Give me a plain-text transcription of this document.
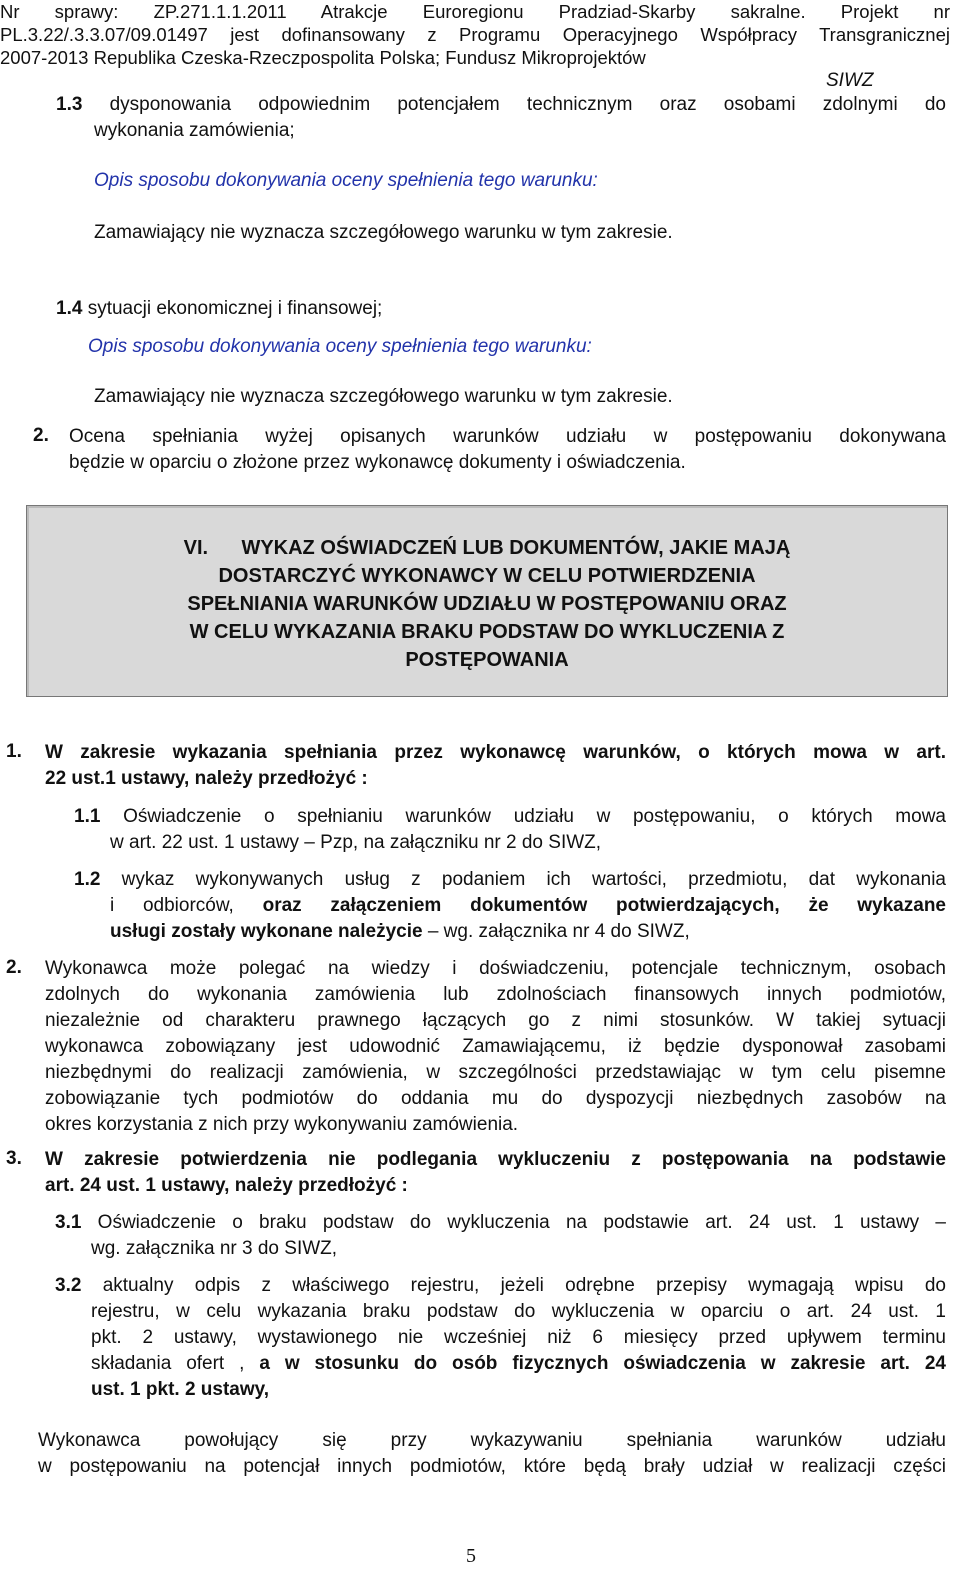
Nr sprawy: ZP.271.1.1.2011 Atrakcje Euroregionu Pradziad-Skarby sakralne. Projekt nr
PL.3.22/.3.3.07/09.01497 jest dofinansowany z Programu Operacyjnego Współpracy Transgranicznej
2007-2013 Republika Czeska-Rzeczpospolita Polska; Fundusz Mikroprojektów
SIWZ
1.3 dysponowania odpowiednim potencjałem technicznym oraz osobami zdolnymi do
wykonania zamówienia;
Opis sposobu dokonywania oceny spełnienia tego warunku:
Zamawiający nie wyznacza szczegółowego warunku w tym zakresie.
1.4 sytuacji ekonomicznej i finansowej;
Opis sposobu dokonywania oceny spełnienia tego warunku:
Zamawiający nie wyznacza szczegółowego warunku w tym zakresie.
2. Ocena spełniania wyżej opisanych warunków udziału w postępowaniu dokonywana
będzie w oparciu o złożone przez wykonawcę dokumenty i oświadczenia.
VI.      WYKAZ OŚWIADCZEŃ LUB DOKUMENTÓW, JAKIE MAJĄ
DOSTARCZYĆ WYKONAWCY W CELU POTWIERDZENIA
SPEŁNIANIA WARUNKÓW UDZIAŁU W POSTĘPOWANIU ORAZ
W CELU WYKAZANIA BRAKU PODSTAW DO WYKLUCZENIA Z
POSTĘPOWANIA
1. W zakresie wykazania spełniania przez wykonawcę warunków, o których mowa w art.
22 ust.1 ustawy, należy przedłożyć :
1.1 Oświadczenie o spełnianiu warunków udziału w postępowaniu, o których mowa
w art. 22 ust. 1 ustawy – Pzp, na załączniku nr 2 do SIWZ,
1.2 wykaz wykonywanych usług z podaniem ich wartości, przedmiotu, dat wykonania
i odbiorców, oraz załączeniem dokumentów potwierdzających, że wykazane
usługi zostały wykonane należycie – wg. załącznika nr 4 do SIWZ,
2. Wykonawca może polegać na wiedzy i doświadczeniu, potencjale technicznym, osobach
zdolnych do wykonania zamówienia lub zdolnościach finansowych innych podmiotów,
niezależnie od charakteru prawnego łączących go z nimi stosunków. W takiej sytuacji
wykonawca zobowiązany jest udowodnić Zamawiającemu, iż będzie dysponował zasobami
niezbędnymi do realizacji zamówienia, w szczególności przedstawiając w tym celu pisemne
zobowiązanie tych podmiotów do oddania mu do dyspozycji niezbędnych zasobów na
okres korzystania z nich przy wykonywaniu zamówienia.
3. W zakresie potwierdzenia nie podlegania wykluczeniu z postępowania na podstawie
art. 24 ust. 1 ustawy, należy przedłożyć :
3.1 Oświadczenie o braku podstaw do wykluczenia na podstawie art. 24 ust. 1 ustawy –
wg. załącznika nr 3 do SIWZ,
3.2 aktualny odpis z właściwego rejestru, jeżeli odrębne przepisy wymagają wpisu do
rejestru, w celu wykazania braku podstaw do wykluczenia w oparciu o art. 24 ust. 1
pkt. 2 ustawy, wystawionego nie wcześniej niż 6 miesięcy przed upływem terminu
składania ofert , a w stosunku do osób fizycznych oświadczenia w zakresie art. 24
ust. 1 pkt. 2 ustawy,
Wykonawca powołujący się przy wykazywaniu spełniania warunków udziału
w postępowaniu na potencjał innych podmiotów, które będą brały udział w realizacji części
5
